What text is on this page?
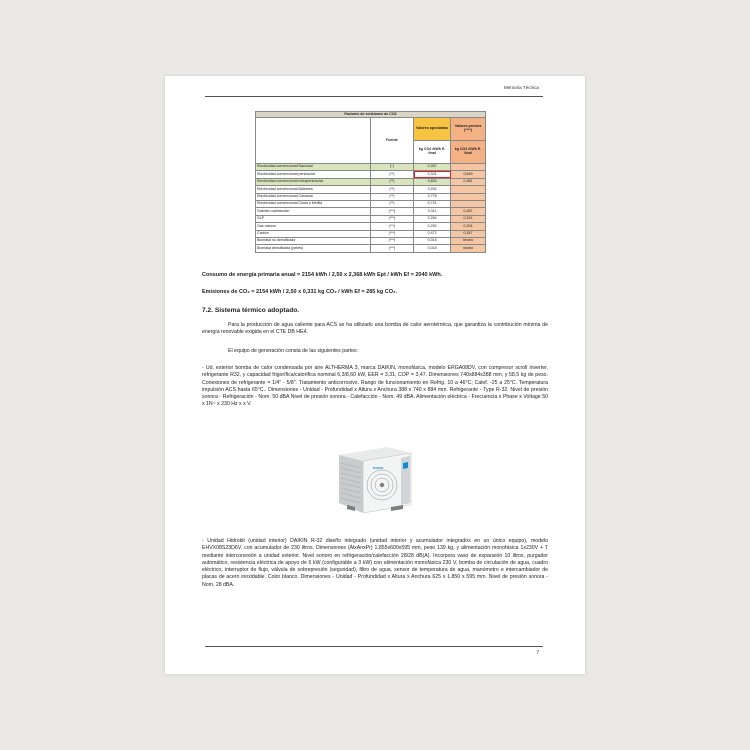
Memoria Técnica
Factores de emisiones de CO2			
	Fuente	Valores aprobados	Valores previos (****)
		kg CO2 /kWh E. final	kg CO2 /kWh E. final
Electricidad convencional Nacional	(*)	0,357	
Electricidad convencional peninsular	(**)	0,331	0,649
Electricidad convencional extrapeninsular	(**)	0,833	0,981
Electricidad convencional Baleares	(**)	0,932	
Electricidad convencional Canarias	(**)	0,776	
Electricidad convencional Ceuta y Melilla	(**)	0,721	
Gasóleo calefacción	(***)	0,311	0,287
GLP	(***)	0,254	0,244
Gas natural	(***)	0,252	0,204
Carbón	(***)	0,472	0,347
Biomasa no densificada	(***)	0,018	neutro
Biomasa densificada (pelets)	(***)	0,018	neutro

Consumo de energía primaria anual = 2154 kWh / 2,50 x 2,368 kWh Ept / kWh Ef = 2040 kWh.

Emisiones de CO₂ = 2154 kWh / 2,50 x 0,331 kg CO₂ / kWh Ef = 285 kg CO₂.

7.2. Sistema térmico adoptado.

Para la producción de agua caliente para ACS se ha utilizado una bomba de calor aerotérmica, que garantiza la contribución mínima de energía renovable exigida en el CTE DB HE4.

El equipo de generación consta de las siguientes partes:

- Ud. exterior bomba de calor condensada por aire ALTHERMA 3, marca DAIKIN, monofásica, modelo ERGA08DV, con compresor scroll inverter, refrigerante R32, y capacidad frigorífica/calorífica nominal 6,3/8,60 kW, EER = 3,31, COP = 3,47. Dimensiones 740x884x388 mm, y 58,5 kg de peso. Conexiones de refrigerante = 1/4" - 5/8". Tratamiento anticorrosivo. Rango de funcionamiento en Refrig. 10 a 46°C; Calef. -25 a 25°C. Temperatura impulsión ACS hasta 65°C.. Dimensiones - Unidad - Profundidad x Altura x Anchura 388 x 740 x 884 mm. Refrigerante - Type R-32. Nivel de presión sonora - Refrigeración - Nom. 50 dBA Nivel de presión sonora - Calefacción - Nom. 49 dBA. Alimentación eléctrica - Frecuencia x Phase x Voltage 50 x 1N~ x 230 Hz x x V.

DAIKIN

- Unidad Hidrokit (unidad interior) DAIKIN R-32 diseño integrado (unidad interior y acumulador integrados en un único equipo), modelo EHVX08S23D6V, con acumulador de 230 litros. Dimensiones (AlxAnxPr) 1.855x600x595 mm, peso 139 kg, y alimentación monofásica 1x230V + T mediante interconexión a unidad exterior. Nivel sonoro en refrigeración/calefacción 28/28 dB(A). Incorpora vaso de expansión 10 litros, purgador automático, resistencia eléctrica de apoyo de 6 kW (configurable a 3 kW) con alimentación monofásica 230 V, bomba de circulación de agua, cuadro eléctrico, interruptor de flujo, válvula de sobrepresión (seguridad), filtro de agua, sensor de temperatura de agua, manómetro e intercambiador de placas de acero inoxidable. Color blanco. Dimensiones - Unidad - Profundidad x Altura x Anchura 625 x 1.850 x 595 mm. Nivel de presión sonora - Nom. 28 dBA.

7
